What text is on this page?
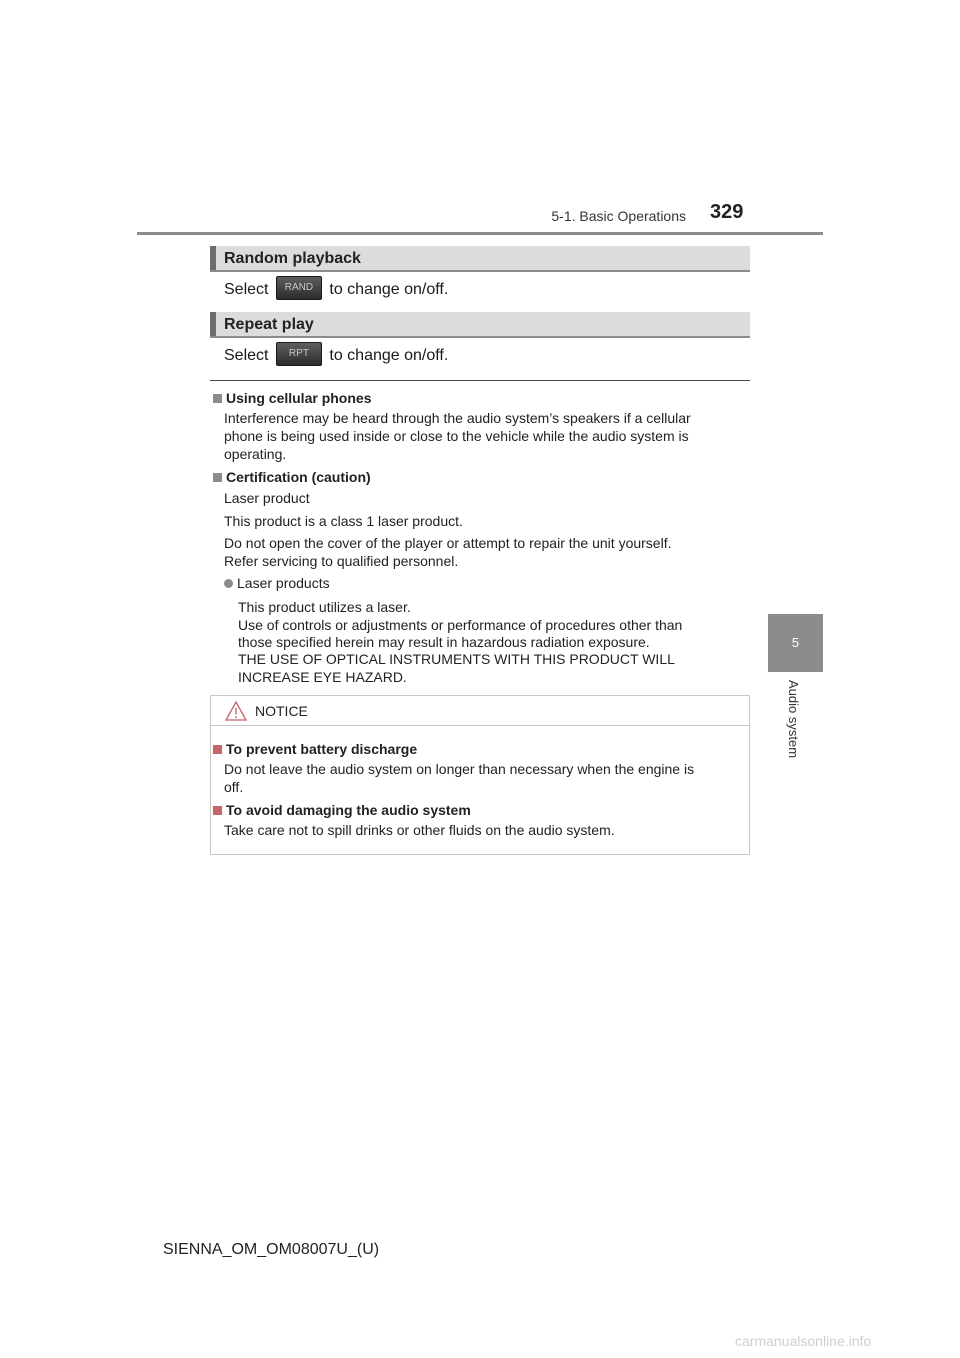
5-1. Basic Operations 329
5
Audio system
Random playback
Select RAND to change on/off.
Repeat play
Select RPT to change on/off.
Using cellular phones
Interference may be heard through the audio system’s speakers if a cellular
phone is being used inside or close to the vehicle while the audio system is
operating.
Certification (caution)
Laser product
This product is a class 1 laser product.
Do not open the cover of the player or attempt to repair the unit yourself.
Refer servicing to qualified personnel.
Laser products
This product utilizes a laser.
Use of controls or adjustments or performance of procedures other than
those specified herein may result in hazardous radiation exposure.
THE USE OF OPTICAL INSTRUMENTS WITH THIS PRODUCT WILL
INCREASE EYE HAZARD.
NOTICE
To prevent battery discharge
Do not leave the audio system on longer than necessary when the engine is
off.
To avoid damaging the audio system
Take care not to spill drinks or other fluids on the audio system.
SIENNA_OM_OM08007U_(U)
carmanualsonline.info
